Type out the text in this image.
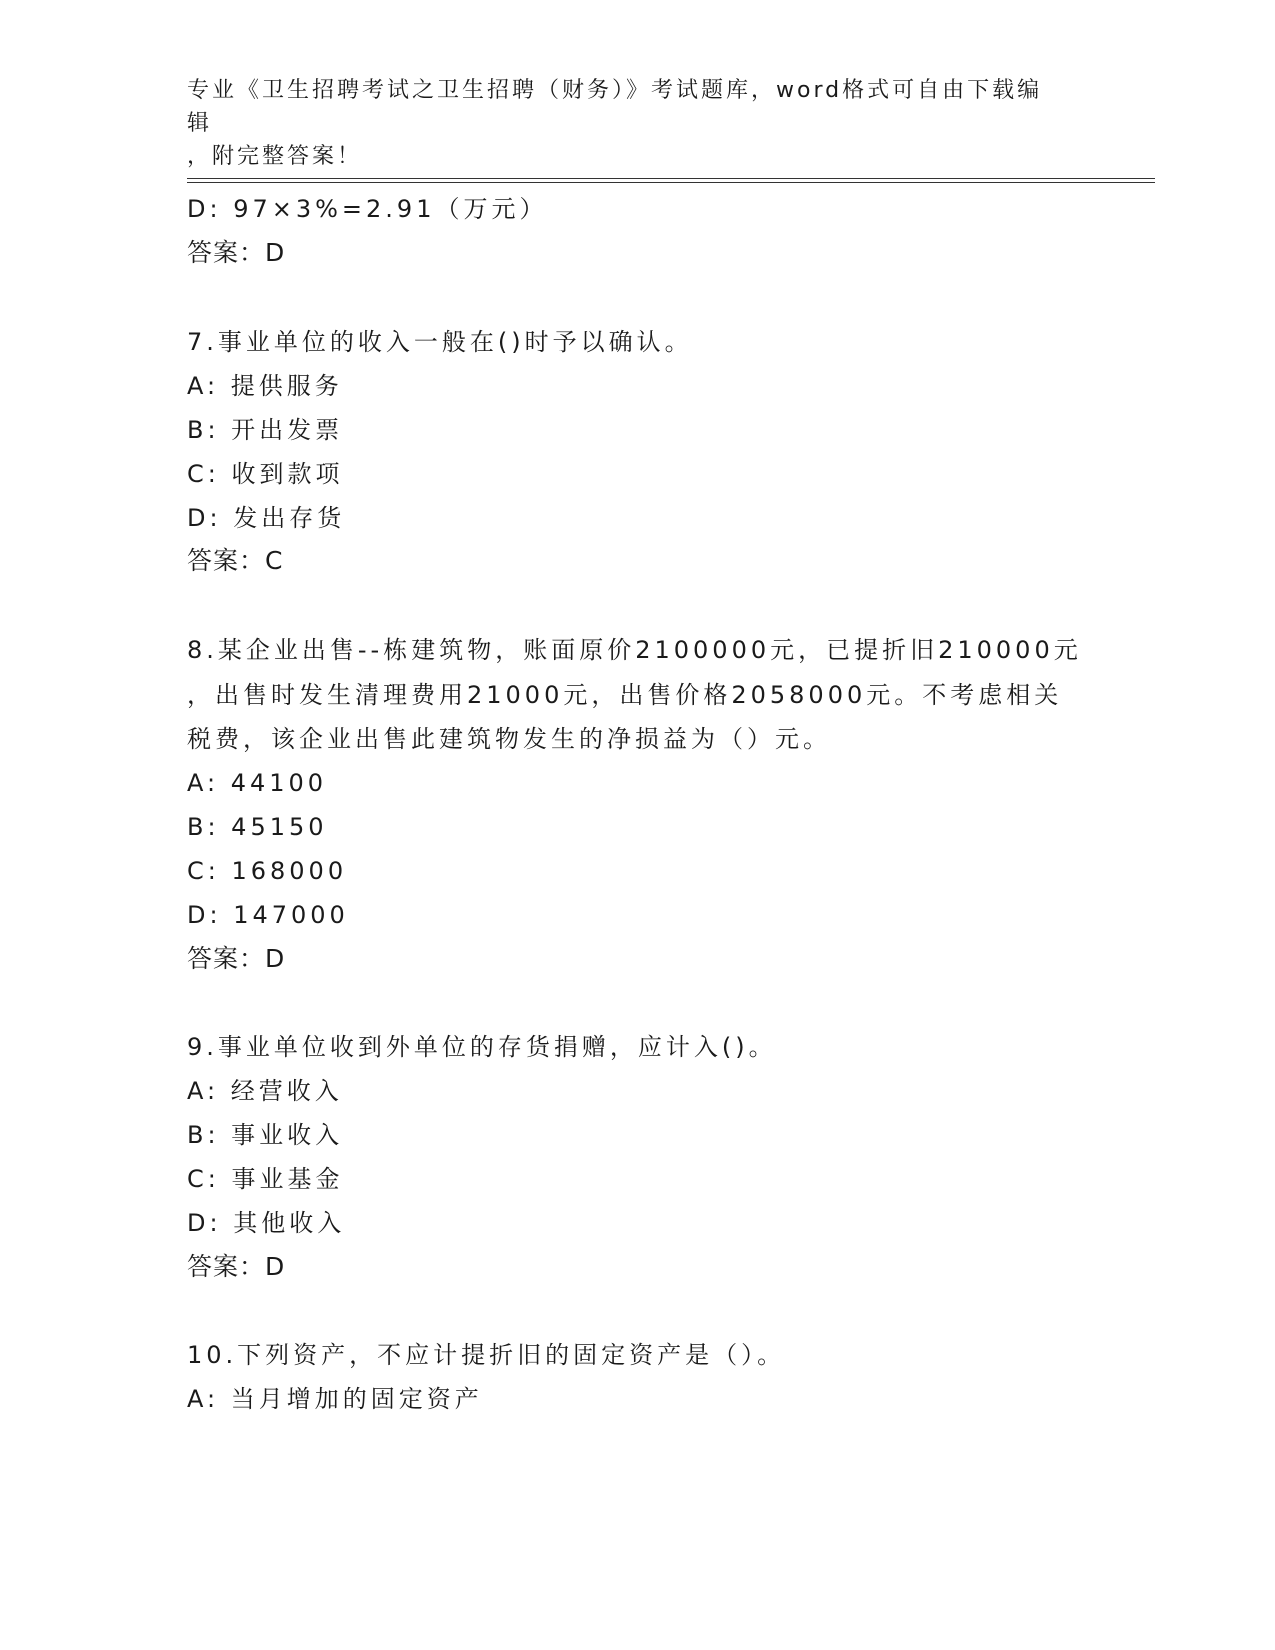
专业《卫生招聘考试之卫生招聘（财务）》考试题库，word格式可自由下载编辑
，附完整答案！
D: 97×3%=2.91（万元）
答案：D
7.事业单位的收入一般在()时予以确认。
A: 提供服务
B: 开出发票
C: 收到款项
D: 发出存货
答案：C
8.某企业出售--栋建筑物，账面原价2100000元，已提折旧210000元
，出售时发生清理费用21000元，出售价格2058000元。不考虑相关
税费，该企业出售此建筑物发生的净损益为（）元。
A: 44100
B: 45150
C: 168000
D: 147000
答案：D
9.事业单位收到外单位的存货捐赠，应计入()。
A: 经营收入
B: 事业收入
C: 事业基金
D: 其他收入
答案：D
10.下列资产，不应计提折旧的固定资产是（）。
A: 当月增加的固定资产
